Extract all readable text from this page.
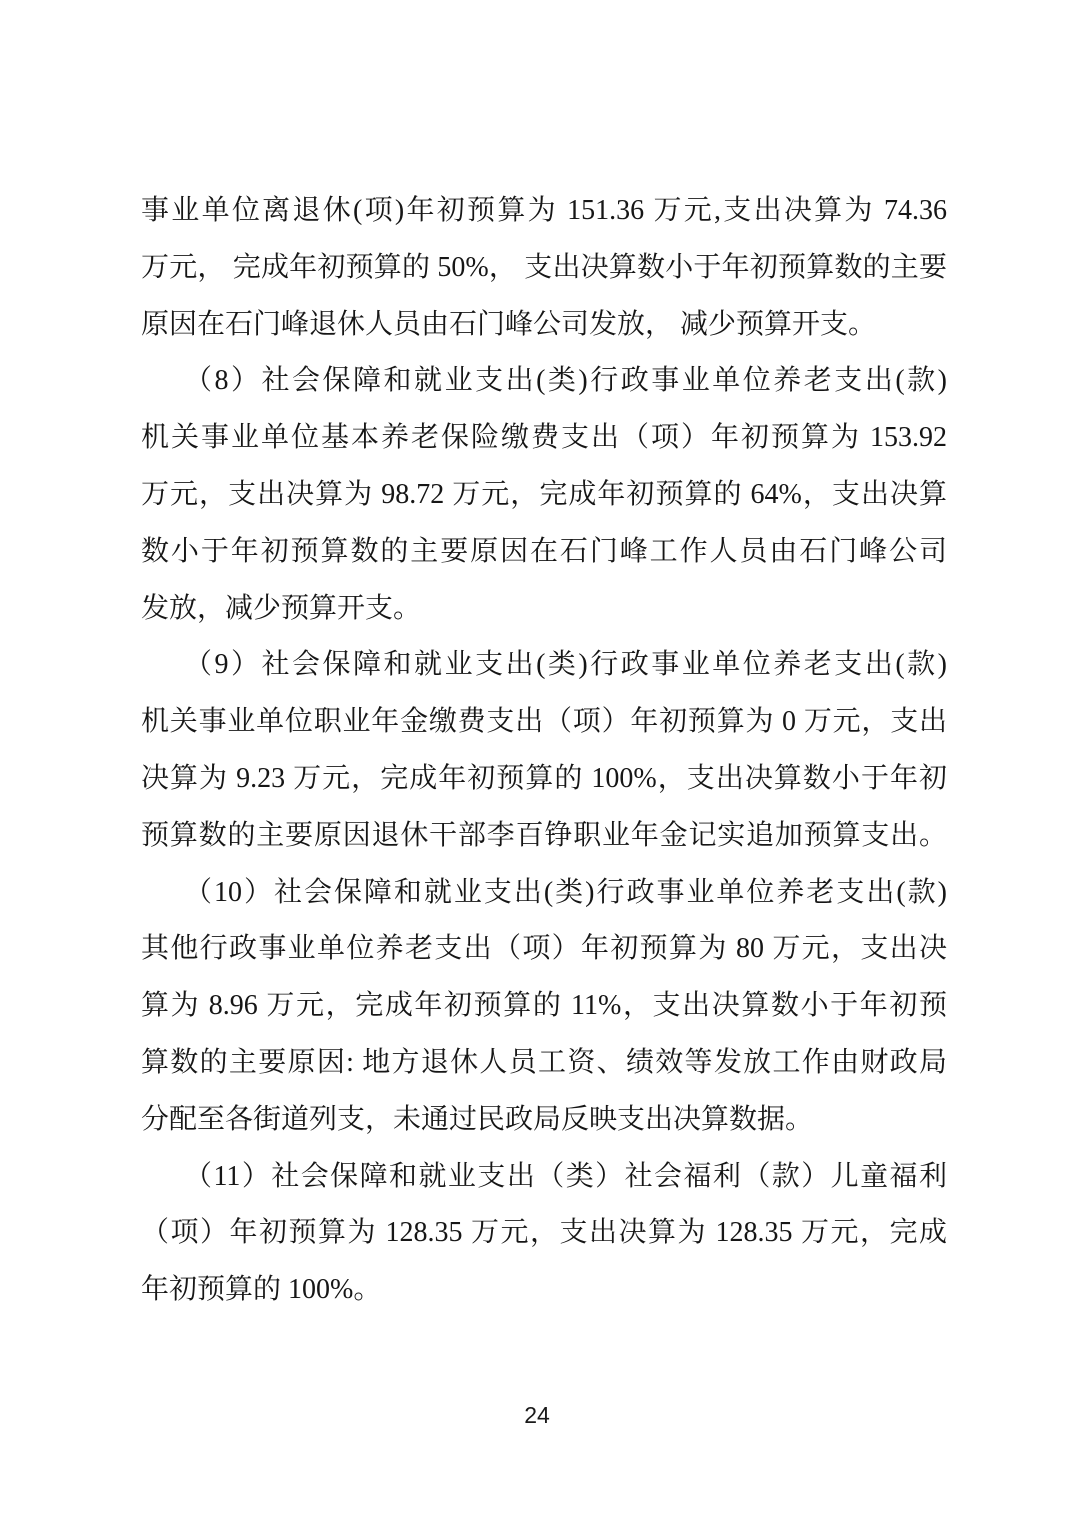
事业单位离退休(项)年初预算为 151.36 万元,支出决算为 74.36
万元， 完成年初预算的 50%， 支出决算数小于年初预算数的主要
原因在石门峰退休人员由石门峰公司发放， 减少预算开支。
（8）社会保障和就业支出(类)行政事业单位养老支出(款)
机关事业单位基本养老保险缴费支出（项）年初预算为 153.92
万元，支出决算为 98.72 万元，完成年初预算的 64%，支出决算
数小于年初预算数的主要原因在石门峰工作人员由石门峰公司
发放，减少预算开支。
（9）社会保障和就业支出(类)行政事业单位养老支出(款)
机关事业单位职业年金缴费支出（项）年初预算为 0 万元，支出
决算为 9.23 万元，完成年初预算的 100%，支出决算数小于年初
预算数的主要原因退休干部李百铮职业年金记实追加预算支出。
（10）社会保障和就业支出(类)行政事业单位养老支出(款)
其他行政事业单位养老支出（项）年初预算为 80 万元，支出决
算为 8.96 万元，完成年初预算的 11%，支出决算数小于年初预
算数的主要原因: 地方退休人员工资、绩效等发放工作由财政局
分配至各街道列支，未通过民政局反映支出决算数据。
（11）社会保障和就业支出（类）社会福利（款）儿童福利
（项）年初预算为 128.35 万元，支出决算为 128.35 万元，完成
年初预算的 100%。
24
